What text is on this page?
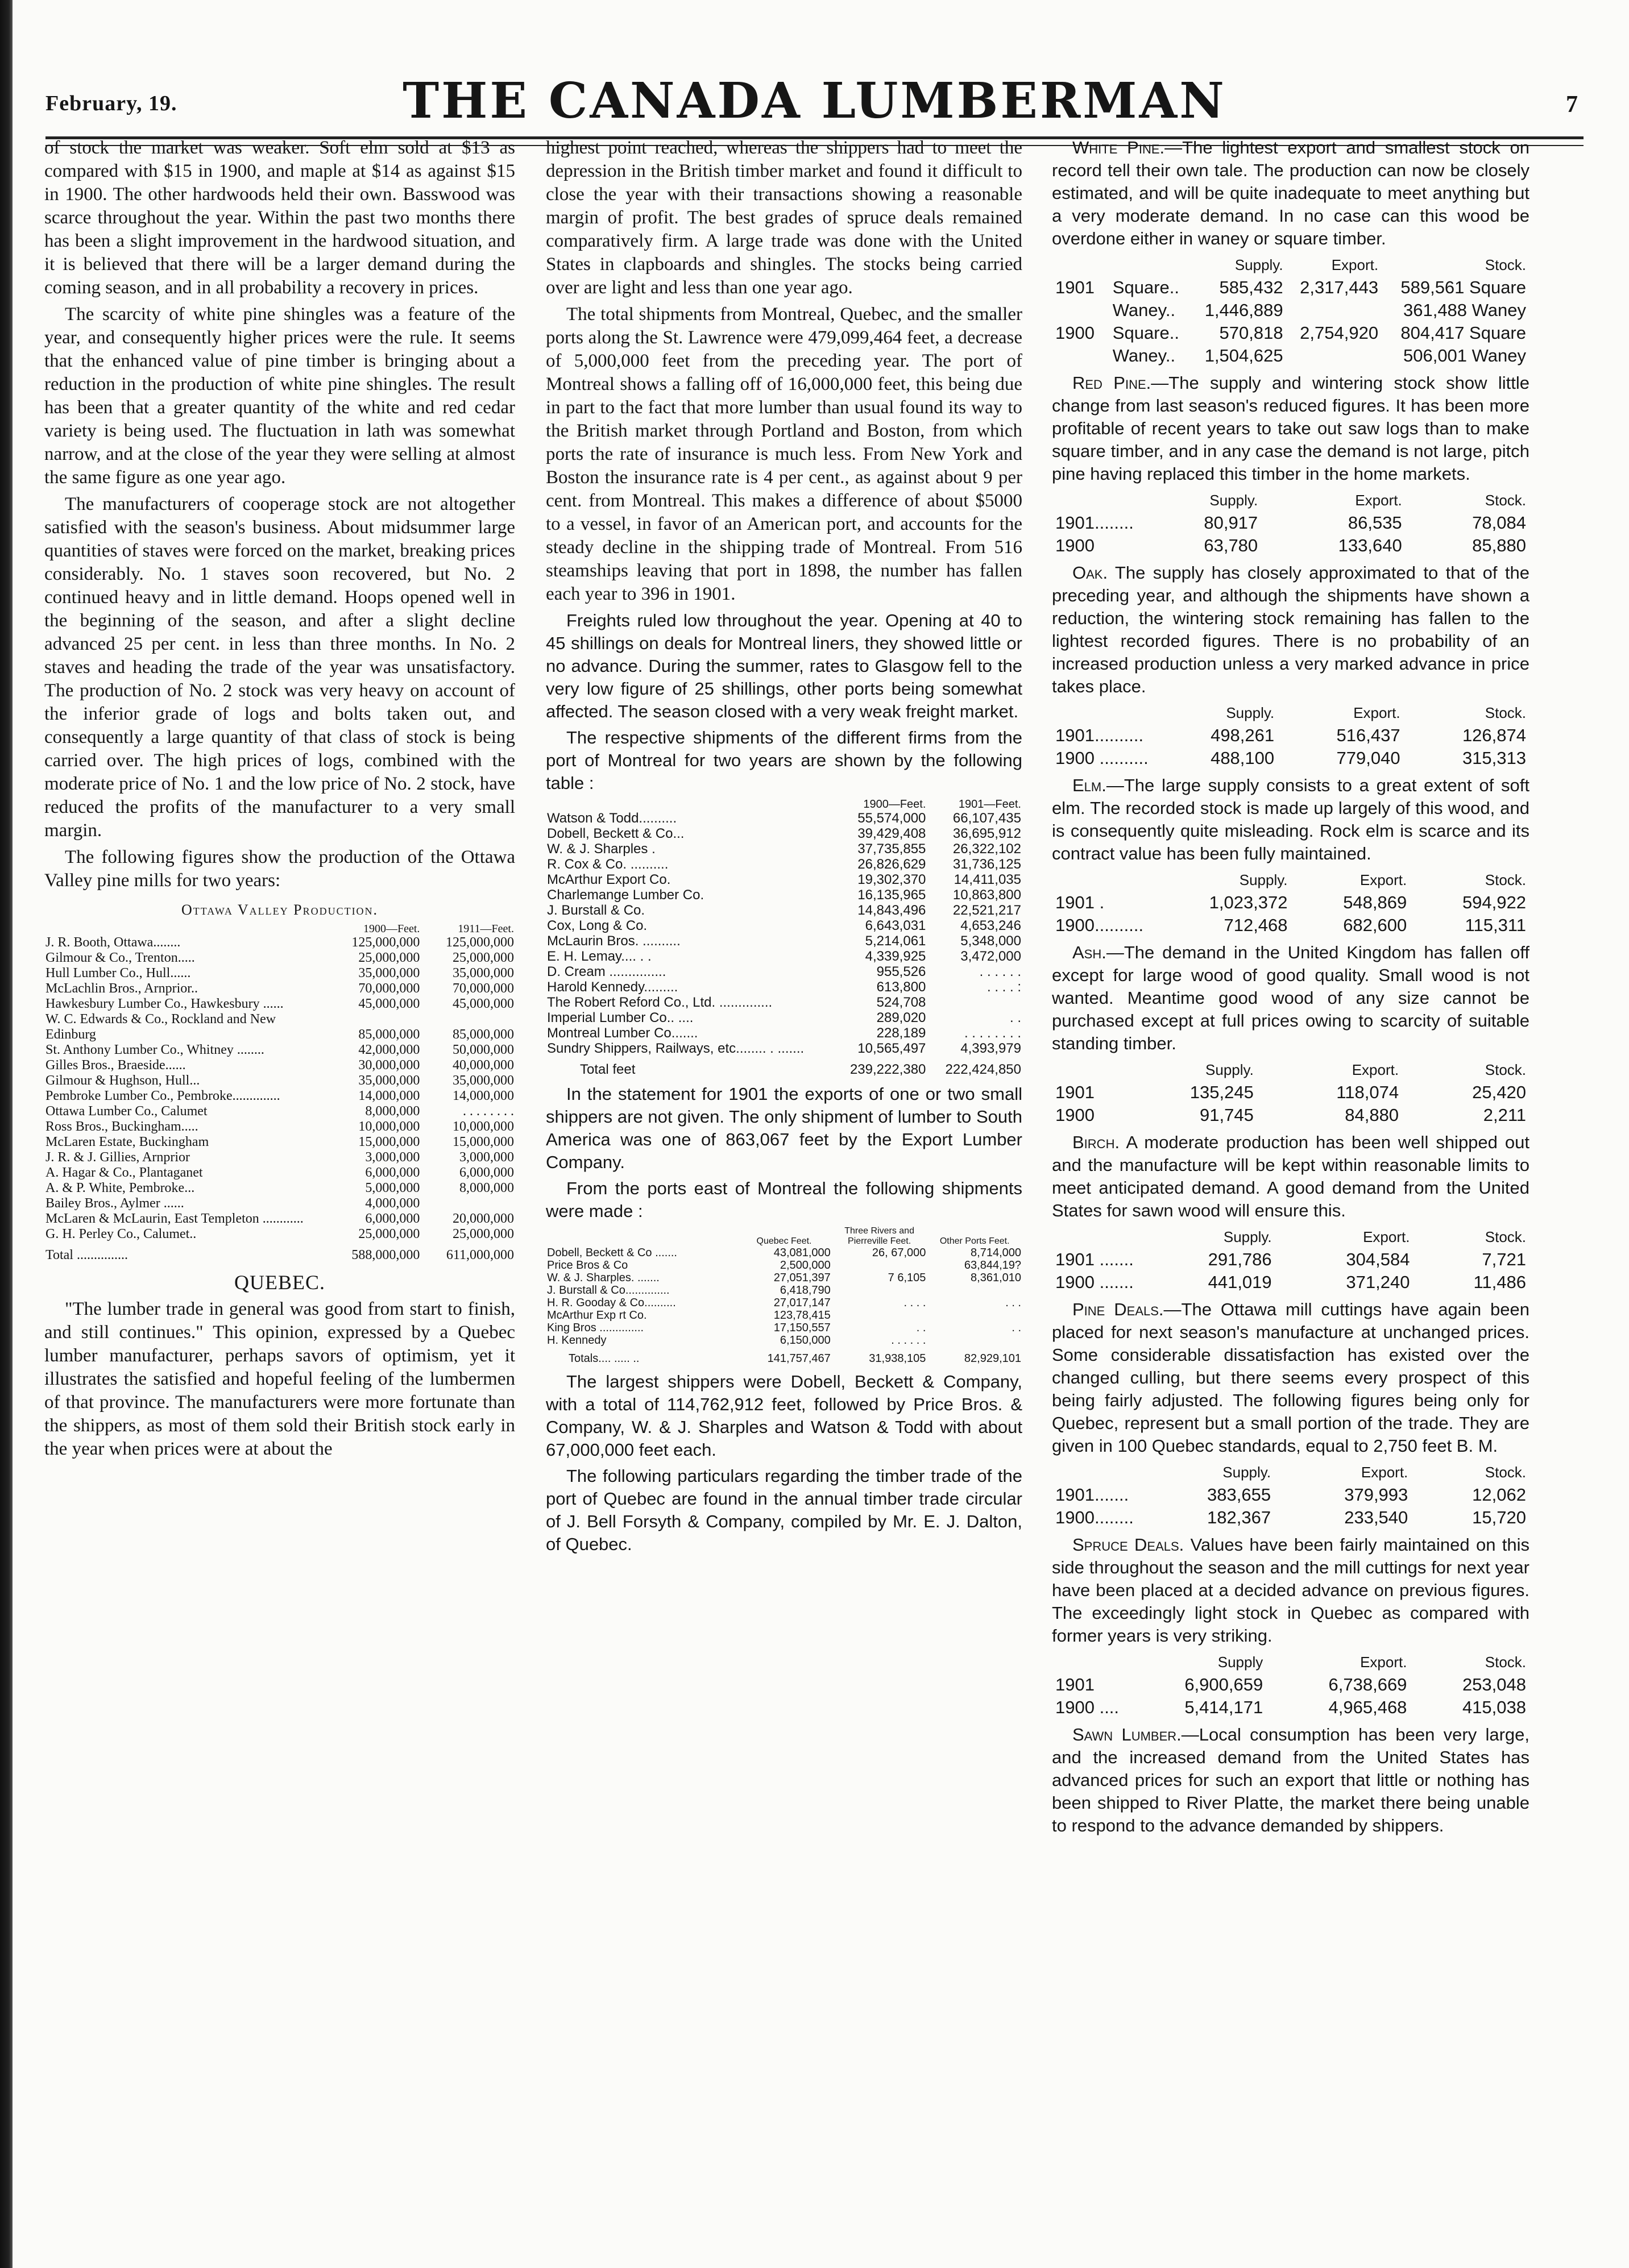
February, 19.	THE CANADA LUMBERMAN	7

of stock the market was weaker. Soft elm sold at $13 as compared with $15 in 1900, and maple at $14 as against $15 in 1900. The other hardwoods held their own. Basswood was scarce throughout the year. Within the past two months there has been a slight improvement in the hardwood situation, and it is believed that there will be a larger demand during the coming season, and in all probability a recovery in prices.

The scarcity of white pine shingles was a feature of the year, and consequently higher prices were the rule. It seems that the enhanced value of pine timber is bringing about a reduction in the production of white pine shingles. The result has been that a greater quantity of the white and red cedar variety is being used. The fluctuation in lath was somewhat narrow, and at the close of the year they were selling at almost the same figure as one year ago.

The manufacturers of cooperage stock are not altogether satisfied with the season's business. About midsummer large quantities of staves were forced on the market, breaking prices considerably. No. 1 staves soon recovered, but No. 2 continued heavy and in little demand. Hoops opened well in the beginning of the season, and after a slight decline advanced 25 per cent. in less than three months. In No. 2 staves and heading the trade of the year was unsatisfactory. The production of No. 2 stock was very heavy on account of the inferior grade of logs and bolts taken out, and consequently a large quantity of that class of stock is being carried over. The high prices of logs, combined with the moderate price of No. 1 and the low price of No. 2 stock, have reduced the profits of the manufacturer to a very small margin.

The following figures show the production of the Ottawa Valley pine mills for two years:

Ottawa Valley Production.
	1900—Feet.	1911—Feet.
J. R. Booth, Ottawa........	125,000,000	125,000,000
Gilmour & Co., Trenton.....	25,000,000	25,000,000
Hull Lumber Co., Hull......	35,000,000	35,000,000
McLachlin Bros., Arnprior..	70,000,000	70,000,000
Hawkesbury Lumber Co., Hawkesbury ......	45,000,000	45,000,000
W. C. Edwards & Co., Rockland and New Edinburg	85,000,000	85,000,000
St. Anthony Lumber Co., Whitney ........	42,000,000	50,000,000
Gilles Bros., Braeside......	30,000,000	40,000,000
Gilmour & Hughson, Hull...	35,000,000	35,000,000
Pembroke Lumber Co., Pembroke..............	14,000,000	14,000,000
Ottawa Lumber Co., Calumet	8,000,000	. . . . . . . .
Ross Bros., Buckingham.....	10,000,000	10,000,000
McLaren Estate, Buckingham	15,000,000	15,000,000
J. R. & J. Gillies, Arnprior	3,000,000	3,000,000
A. Hagar & Co., Plantaganet	6,000,000	6,000,000
A. & P. White, Pembroke...	5,000,000	8,000,000
Bailey Bros., Aylmer ......	4,000,000	
McLaren & McLaurin, East Templeton ............	6,000,000	20,000,000
G. H. Perley Co., Calumet..	25,000,000	25,000,000
Total ...............	588,000,000	611,000,000
QUEBEC.

"The lumber trade in general was good from start to finish, and still continues." This opinion, expressed by a Quebec lumber manufacturer, perhaps savors of optimism, yet it illustrates the satisfied and hopeful feeling of the lumbermen of that province. The manufacturers were more fortunate than the shippers, as most of them sold their British stock early in the year when prices were at about the

highest point reached, whereas the shippers had to meet the depression in the British timber market and found it difficult to close the year with their transactions showing a reasonable margin of profit. The best grades of spruce deals remained comparatively firm. A large trade was done with the United States in clapboards and shingles. The stocks being carried over are light and less than one year ago.

The total shipments from Montreal, Quebec, and the smaller ports along the St. Lawrence were 479,099,464 feet, a decrease of 5,000,000 feet from the preceding year. The port of Montreal shows a falling off of 16,000,000 feet, this being due in part to the fact that more lumber than usual found its way to the British market through Portland and Boston, from which ports the rate of insurance is much less. From New York and Boston the insurance rate is 4 per cent., as against about 9 per cent. from Montreal. This makes a difference of about $5000 to a vessel, in favor of an American port, and accounts for the steady decline in the shipping trade of Montreal. From 516 steamships leaving that port in 1898, the number has fallen each year to 396 in 1901.

Freights ruled low throughout the year. Opening at 40 to 45 shillings on deals for Montreal liners, they showed little or no advance. During the summer, rates to Glasgow fell to the very low figure of 25 shillings, other ports being somewhat affected. The season closed with a very weak freight market.

The respective shipments of the different firms from the port of Montreal for two years are shown by the following table :

	1900—Feet.	1901—Feet.
Watson & Todd..........	55,574,000	66,107,435
Dobell, Beckett & Co...	39,429,408	36,695,912
W. & J. Sharples .	37,735,855	26,322,102
R. Cox & Co. ..........	26,826,629	31,736,125
McArthur Export Co.	19,302,370	14,411,035
Charlemange Lumber Co.	16,135,965	10,863,800
J. Burstall & Co.	14,843,496	22,521,217
Cox, Long & Co.	6,643,031	4,653,246
McLaurin Bros. ..........	5,214,061	5,348,000
E. H. Lemay.... . .	4,339,925	3,472,000
D. Cream ...............	955,526	. . . . . .
Harold Kennedy.........	613,800	. . . . :
The Robert Reford Co., Ltd. ..............	524,708	
Imperial Lumber Co.. ....	289,020	. .
Montreal Lumber Co.......	228,189	. . . . . . . .
Sundry Shippers, Railways, etc........ . .......	10,565,497	4,393,979
Total feet	239,222,380	222,424,850

In the statement for 1901 the exports of one or two small shippers are not given. The only shipment of lumber to South America was one of 863,067 feet by the Export Lumber Company.

From the ports east of Montreal the following shipments were made :

	Quebec Feet.	Three Rivers and Pierreville Feet.	Other Ports Feet.
Dobell, Beckett & Co .......	43,081,000	26, 67,000	8,714,000
Price Bros & Co	2,500,000		63,844,19?
W. & J. Sharples. .......	27,051,397	7 6,105	8,361,010
J. Burstall & Co..............	6,418,790		
H. R. Gooday & Co..........	27,017,147	. . . .	. . .
McArthur Exp rt Co.	123,78,415		
King Bros ..............	17,150,557	. .	. .
H. Kennedy	6,150,000	. . . . . .	
Totals.... ..... ..	141,757,467	31,938,105	82,929,101

The largest shippers were Dobell, Beckett & Company, with a total of 114,762,912 feet, followed by Price Bros. & Company, W. & J. Sharples and Watson & Todd with about 67,000,000 feet each.

The following particulars regarding the timber trade of the port of Quebec are found in the annual timber trade circular of J. Bell Forsyth & Company, compiled by Mr. E. J. Dalton, of Quebec.

White Pine.—The lightest export and smallest stock on record tell their own tale. The production can now be closely estimated, and will be quite inadequate to meet anything but a very moderate demand. In no case can this wood be overdone either in waney or square timber.

		Supply.	Export.	Stock.
1901	Square..	585,432	2,317,443	589,561 Square
	Waney..	1,446,889		361,488 Waney
1900	Square..	570,818	2,754,920	804,417 Square
	Waney..	1,504,625		506,001 Waney

Red Pine.—The supply and wintering stock show little change from last season's reduced figures. It has been more profitable of recent years to take out saw logs than to make square timber, and in any case the demand is not large, pitch pine having replaced this timber in the home markets.

	Supply.	Export.	Stock.
1901........	80,917	86,535	78,084
1900	63,780	133,640	85,880

Oak. The supply has closely approximated to that of the preceding year, and although the shipments have shown a reduction, the wintering stock remaining has fallen to the lightest recorded figures. There is no probability of an increased production unless a very marked advance in price takes place.

	Supply.	Export.	Stock.
1901..........	498,261	516,437	126,874
1900 ..........	488,100	779,040	315,313

Elm.—The large supply consists to a great extent of soft elm. The recorded stock is made up largely of this wood, and is consequently quite misleading. Rock elm is scarce and its contract value has been fully maintained.

	Supply.	Export.	Stock.
1901 .	1,023,372	548,869	594,922
1900..........	712,468	682,600	115,311

Ash.—The demand in the United Kingdom has fallen off except for large wood of good quality. Small wood is not wanted. Meantime good wood of any size cannot be purchased except at full prices owing to scarcity of suitable standing timber.

	Supply.	Export.	Stock.
1901	135,245	118,074	25,420
1900	91,745	84,880	2,211

Birch. A moderate production has been well shipped out and the manufacture will be kept within reasonable limits to meet anticipated demand. A good demand from the United States for sawn wood will ensure this.

	Supply.	Export.	Stock.
1901 .......	291,786	304,584	7,721
1900 .......	441,019	371,240	11,486

Pine Deals.—The Ottawa mill cuttings have again been placed for next season's manufacture at unchanged prices. Some considerable dissatisfaction has existed over the changed culling, but there seems every prospect of this being fairly adjusted. The following figures being only for Quebec, represent but a small portion of the trade. They are given in 100 Quebec standards, equal to 2,750 feet B. M.

	Supply.	Export.	Stock.
1901.......	383,655	379,993	12,062
1900........	182,367	233,540	15,720

Spruce Deals. Values have been fairly maintained on this side throughout the season and the mill cuttings for next year have been placed at a decided advance on previous figures. The exceedingly light stock in Quebec as compared with former years is very striking.

	Supply	Export.	Stock.
1901	6,900,659	6,738,669	253,048
1900 ....	5,414,171	4,965,468	415,038

Sawn Lumber.—Local consumption has been very large, and the increased demand from the United States has advanced prices for such an export that little or nothing has been shipped to River Platte, the market there being unable to respond to the advance demanded by shippers.
